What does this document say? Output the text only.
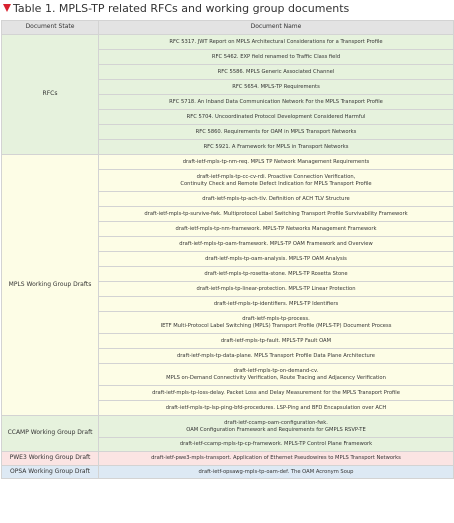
Table 1. MPLS-TP related RFCs and working group documents
Document State	Document Name
RFCs	RFC 5317. JWT Report on MPLS Architectural Considerations for a Transport Profile

	RFC 5462. EXP field renamed to Traffic Class field

	RFC 5586. MPLS Generic Associated Channel

	RFC 5654. MPLS-TP Requirements

	RFC 5718. An Inband Data Communication Network For the MPLS Transport Profile

	RFC 5704. Uncoordinated Protocol Development Considered Harmful

	RFC 5860. Requirements for OAM in MPLS Transport Networks

	RFC 5921. A Framework for MPLS in Transport Networks

MPLS Working Group Drafts	draft-ietf-mpls-tp-nm-req. MPLS TP Network Management Requirements

	draft-ietf-mpls-tp-cc-cv-rdi. Proactive Connection Verification,
Continuity Check and Remote Defect Indication for MPLS Transport Profile

	draft-ietf-mpls-tp-ach-tlv. Definition of ACH TLV Structure

	draft-ietf-mpls-tp-survive-fwk. Multiprotocol Label Switching Transport Profile Survivability Framework

	draft-ietf-mpls-tp-nm-framework. MPLS-TP Networks Management Framework

	draft-ietf-mpls-tp-oam-framework. MPLS-TP OAM Framework and Overview

	draft-ietf-mpls-tp-oam-analysis. MPLS-TP OAM Analysis

	draft-ietf-mpls-tp-rosetta-stone. MPLS-TP Rosetta Stone

	draft-ietf-mpls-tp-linear-protection. MPLS-TP Linear Protection

	draft-ietf-mpls-tp-identifiers. MPLS-TP Identifiers

	draft-ietf-mpls-tp-process.
IETF Multi-Protocol Label Switching (MPLS) Transport Profile (MPLS-TP) Document Process

	draft-ietf-mpls-tp-fault. MPLS-TP Fault OAM

	draft-ietf-mpls-tp-data-plane. MPLS Transport Profile Data Plane Architecture

	draft-ietf-mpls-tp-on-demand-cv.
MPLS on-Demand Connectivity Verification, Route Tracing and Adjacency Verification

	draft-ietf-mpls-tp-loss-delay. Packet Loss and Delay Measurement for the MPLS Transport Profile

	draft-ietf-mpls-tp-lsp-ping-bfd-procedures. LSP-Ping and BFD Encapsulation over ACH

CCAMP Working Group Draft	draft-ietf-ccamp-oam-configuration-fwk.
OAM Configuration Framework and Requirements for GMPLS RSVP-TE

	draft-ietf-ccamp-mpls-tp-cp-framework. MPLS-TP Control Plane Framework

PWE3 Working Group Draft	draft-ietf-pwe3-mpls-transport. Application of Ethernet Pseudowires to MPLS Transport Networks

OPSA Working Group Draft	draft-ietf-opsawg-mpls-tp-oam-def. The OAM Acronym Soup
